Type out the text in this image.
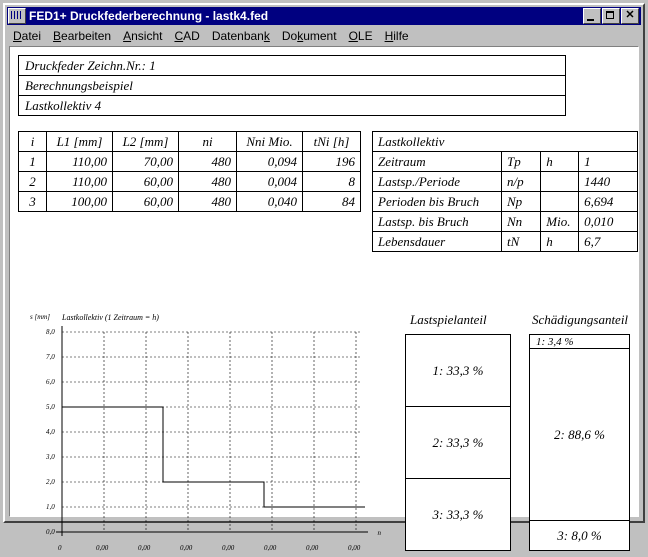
FED1+ Druckfederberechnung - lastk4.fed	✕
Datei	Bearbeiten	Ansicht	CAD	Datenbank	Dokument	OLE	Hilfe
Druckfeder Zeichn.Nr.: 1
Berechnungsbeispiel
Lastkollektiv 4
i	L1 [mm]	L2 [mm]	ni	Nni Mio.	tNi [h]
1	110,00	70,00	480	0,094	196
2	110,00	60,00	480	0,004	8
3	100,00	60,00	480	0,040	84
Lastkollektiv			
Zeitraum	Tp	h	1
Lastsp./Periode	n/p		1440
Perioden bis Bruch	Np		6,694
Lastsp. bis Bruch	Nn	Mio.	0,010
Lebensdauer	tN	h	6,7
Lastkollektiv (1 Zeitraum = h)
s [mm]
n
0,0
1,0
2,0
3,0
4,0
5,0
6,0
7,0
8,0
0	0,00	0,00	0,00	0,00	0,00	0,00	0,00
Lastspielanteil
1: 33,3 %
2: 33,3 %
3: 33,3 %
Schädigungsanteil
1: 3,4 %
2: 88,6 %
3: 8,0 %
